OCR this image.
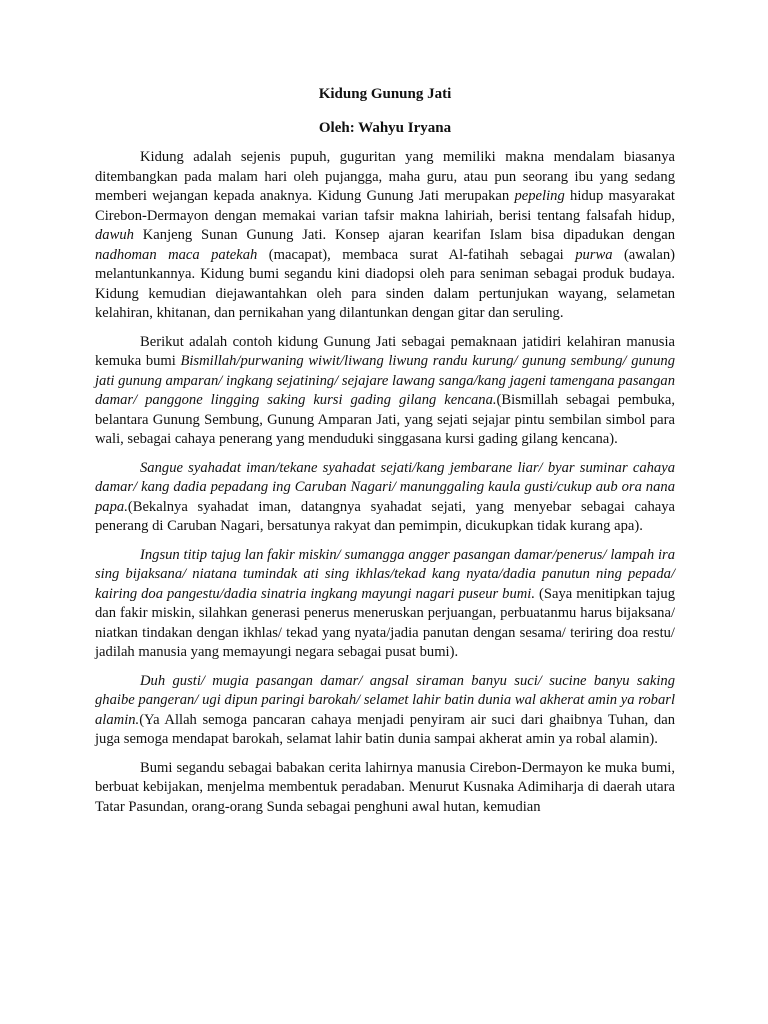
Kidung Gunung Jati
Oleh: Wahyu Iryana

Kidung adalah sejenis pupuh, guguritan yang memiliki makna mendalam biasanya ditembangkan pada malam hari oleh pujangga, maha guru, atau pun seorang ibu yang sedang memberi wejangan kepada anaknya. Kidung Gunung Jati merupakan pepeling hidup masyarakat Cirebon-Dermayon dengan memakai varian tafsir makna lahiriah, berisi tentang falsafah hidup, dawuh Kanjeng Sunan Gunung Jati. Konsep ajaran kearifan Islam bisa dipadukan dengan nadhoman maca patekah (macapat), membaca surat Al-fatihah sebagai purwa (awalan) melantunkannya. Kidung bumi segandu kini diadopsi oleh para seniman sebagai produk budaya. Kidung kemudian diejawantahkan oleh para sinden dalam pertunjukan wayang, selametan kelahiran, khitanan, dan pernikahan yang dilantunkan dengan gitar dan seruling.

Berikut adalah contoh kidung Gunung Jati sebagai pemaknaan jatidiri kelahiran manusia kemuka bumi Bismillah/purwaning wiwit/liwang liwung randu kurung/ gunung sembung/ gunung jati gunung amparan/ ingkang sejatining/ sejajare lawang sanga/kang jageni tamengana pasangan damar/ panggone lingging saking kursi gading gilang kencana.(Bismillah sebagai pembuka, belantara Gunung Sembung, Gunung Amparan Jati, yang sejati sejajar pintu sembilan simbol para wali, sebagai cahaya penerang yang menduduki singgasana kursi gading gilang kencana).

Sangue syahadat iman/tekane syahadat sejati/kang jembarane liar/ byar suminar cahaya damar/ kang dadia pepadang ing Caruban Nagari/ manunggaling kaula gusti/cukup aub ora nana papa.(Bekalnya syahadat iman, datangnya syahadat sejati, yang menyebar sebagai cahaya penerang di Caruban Nagari, bersatunya rakyat dan pemimpin, dicukupkan tidak kurang apa).

Ingsun titip tajug lan fakir miskin/ sumangga angger pasangan damar/penerus/ lampah ira sing bijaksana/ niatana tumindak ati sing ikhlas/tekad kang nyata/dadia panutun ning pepada/ kairing doa pangestu/dadia sinatria ingkang mayungi nagari puseur bumi. (Saya menitipkan tajug dan fakir miskin, silahkan generasi penerus meneruskan perjuangan, perbuatanmu harus bijaksana/ niatkan tindakan dengan ikhlas/ tekad yang nyata/jadia panutan dengan sesama/ teriring doa restu/ jadilah manusia yang memayungi negara sebagai pusat bumi).

Duh gusti/ mugia pasangan damar/ angsal siraman banyu suci/ sucine banyu saking ghaibe pangeran/ ugi dipun paringi barokah/ selamet lahir batin dunia wal akherat amin ya robarl alamin.(Ya Allah semoga pancaran cahaya menjadi penyiram air suci dari ghaibnya Tuhan, dan juga semoga mendapat barokah, selamat lahir batin dunia sampai akherat amin ya robal alamin).

Bumi segandu sebagai babakan cerita lahirnya manusia Cirebon-Dermayon ke muka bumi, berbuat kebijakan, menjelma membentuk peradaban. Menurut Kusnaka Adimiharja di daerah utara Tatar Pasundan, orang-orang Sunda sebagai penghuni awal hutan, kemudian
